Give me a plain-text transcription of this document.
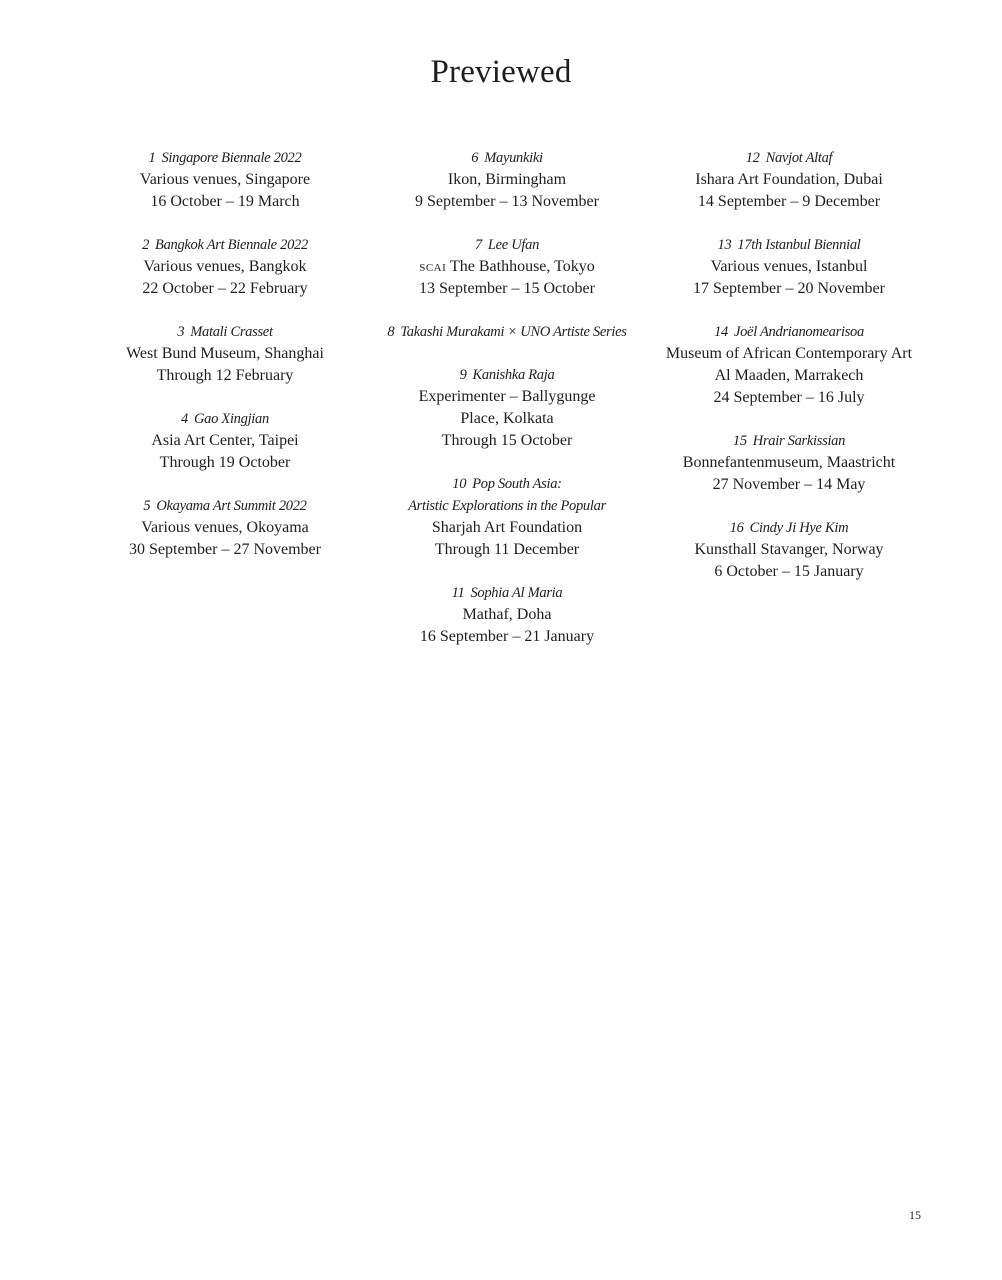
Previewed
1 Singapore Biennale 2022
Various venues, Singapore
16 October – 19 March
2 Bangkok Art Biennale 2022
Various venues, Bangkok
22 October – 22 February
3 Matali Crasset
West Bund Museum, Shanghai
Through 12 February
4 Gao Xingjian
Asia Art Center, Taipei
Through 19 October
5 Okayama Art Summit 2022
Various venues, Okoyama
30 September – 27 November
6 Mayunkiki
Ikon, Birmingham
9 September – 13 November
7 Lee Ufan
scai The Bathhouse, Tokyo
13 September – 15 October
8 Takashi Murakami × UNO Artiste Series
9 Kanishka Raja
Experimenter – Ballygunge Place, Kolkata
Through 15 October
10 Pop South Asia:
Artistic Explorations in the Popular
Sharjah Art Foundation
Through 11 December
11 Sophia Al Maria
Mathaf, Doha
16 September – 21 January
12 Navjot Altaf
Ishara Art Foundation, Dubai
14 September – 9 December
13 17th Istanbul Biennial
Various venues, Istanbul
17 September – 20 November
14 Joël Andrianomearisoa
Museum of African Contemporary Art
Al Maaden, Marrakech
24 September – 16 July
15 Hrair Sarkissian
Bonnefantenmuseum, Maastricht
27 November – 14 May
16 Cindy Ji Hye Kim
Kunsthall Stavanger, Norway
6 October – 15 January
15
